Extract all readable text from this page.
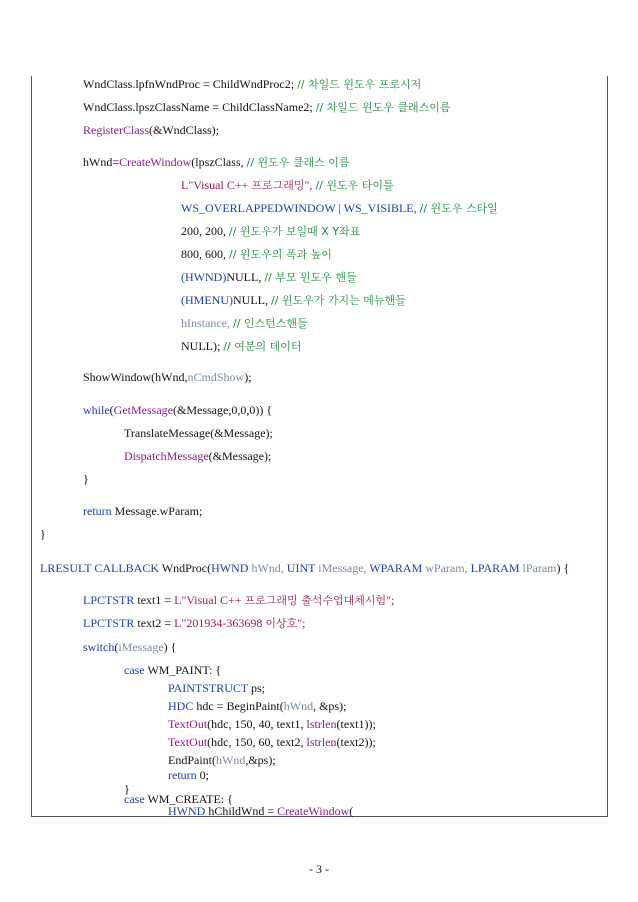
WndClass.lpfnWndProc = ChildWndProc2; // 차일드 윈도우 프로시저
WndClass.lpszClassName = ChildClassName2; // 차일드 윈도우 클래스이름
RegisterClass(&WndClass);
hWnd=CreateWindow(lpszClass, // 윈도우 클래스 이름
L"Visual C++ 프로그래밍", // 윈도우 타이틀
WS_OVERLAPPEDWINDOW | WS_VISIBLE, // 윈도우 스타일
200, 200, // 윈도우가 보일때 X Y좌표
800, 600, // 윈도우의 폭과 높이
(HWND)NULL, // 부모 윈도우 핸들
(HMENU)NULL, // 윈도우가 가지는 메뉴핸들
hInstance, // 인스턴스핸들
NULL); // 여분의 데이터
ShowWindow(hWnd,nCmdShow);
while(GetMessage(&Message,0,0,0)) {
TranslateMessage(&Message);
DispatchMessage(&Message);
}
return Message.wParam;
}
LRESULT CALLBACK WndProc(HWND hWnd, UINT iMessage, WPARAM wParam, LPARAM lParam) {
LPCTSTR text1 = L"Visual C++ 프로그래밍 출석수업대체시험";
LPCTSTR text2 = L"201934-363698 이상호";
switch(iMessage) {
case WM_PAINT: {
PAINTSTRUCT ps;
HDC hdc = BeginPaint(hWnd, &ps);
TextOut(hdc, 150, 40, text1, lstrlen(text1));
TextOut(hdc, 150, 60, text2, lstrlen(text2));
EndPaint(hWnd,&ps);
return 0;
}
case WM_CREATE: {
HWND hChildWnd = CreateWindow(
- 3 -
